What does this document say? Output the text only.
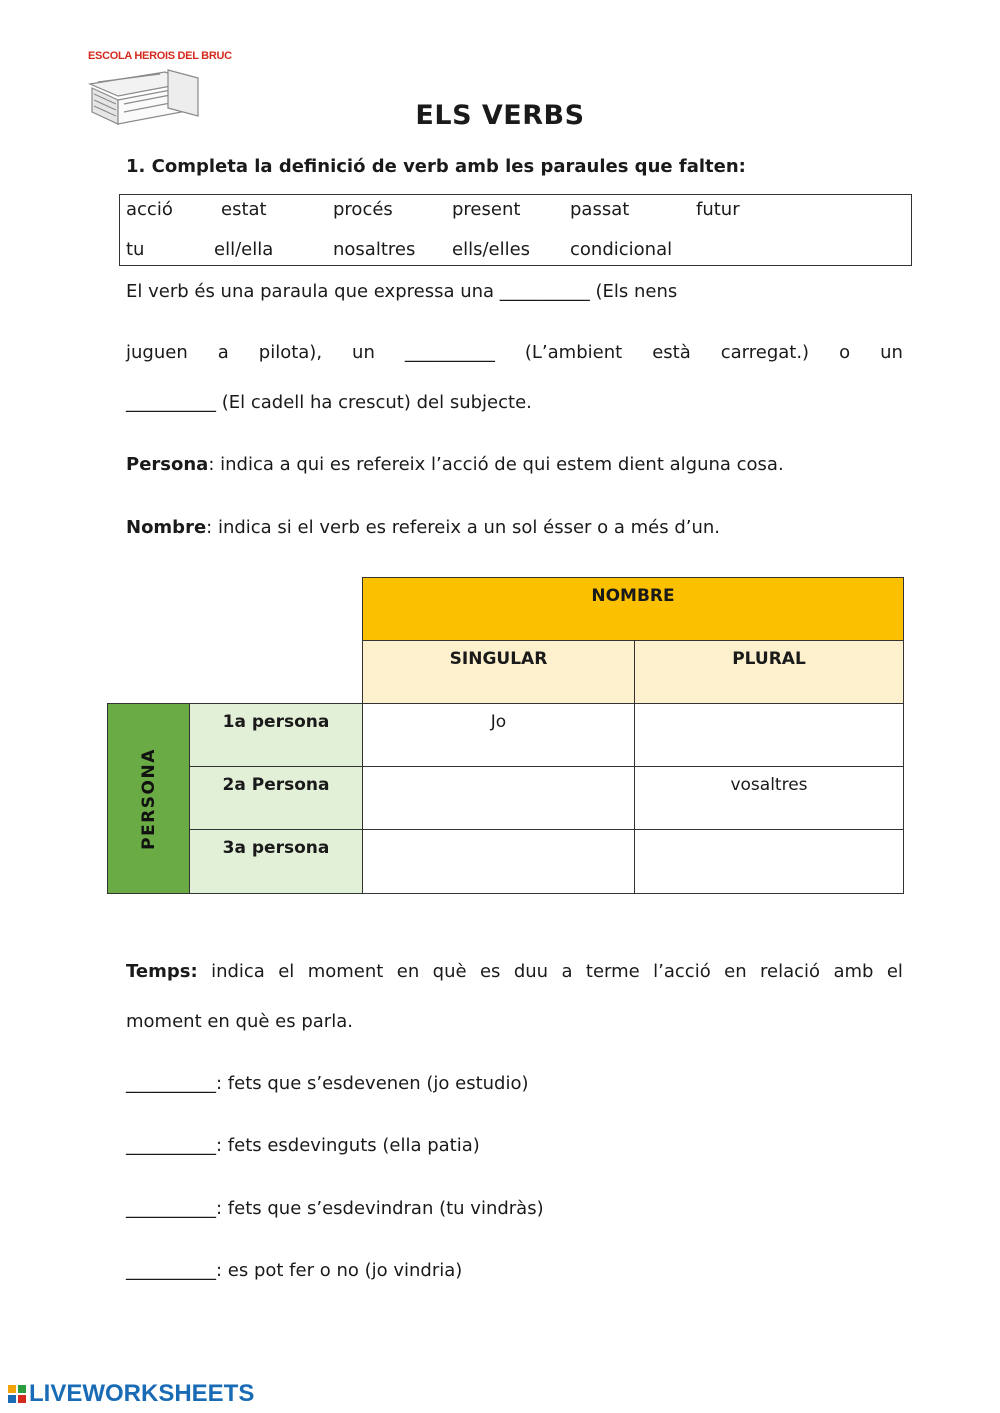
ESCOLA HEROIS DEL BRUC
ELS VERBS
1. Completa la definició de verb amb les paraules que falten:
acció	estat	procés	present	passat	futur
tu	ell/ella	nosaltres ells/elles condicional
El verb és una paraula que expressa una __________ (Els nens
juguen a pilota), un __________ (L’ambient està carregat.) o un
__________ (El cadell ha crescut) del subjecte.
Persona: indica a qui es refereix l’acció de qui estem dient alguna cosa.
Nombre: indica si el verb es refereix a un sol ésser o a més d’un.

		NOMBRE	

		SINGULAR	PLURAL

PERSONA	1a persona	Jo	

	2a Persona		vosaltres

	3a persona		

Temps: indica el moment en què es duu a terme l’acció en relació amb el
moment en què es parla.
__________: fets que s’esdevenen (jo estudio)
__________: fets esdevinguts (ella patia)
__________: fets que s’esdevindran (tu vindràs)
__________: es pot fer o no (jo vindria)
LIVEWORKSHEETS
